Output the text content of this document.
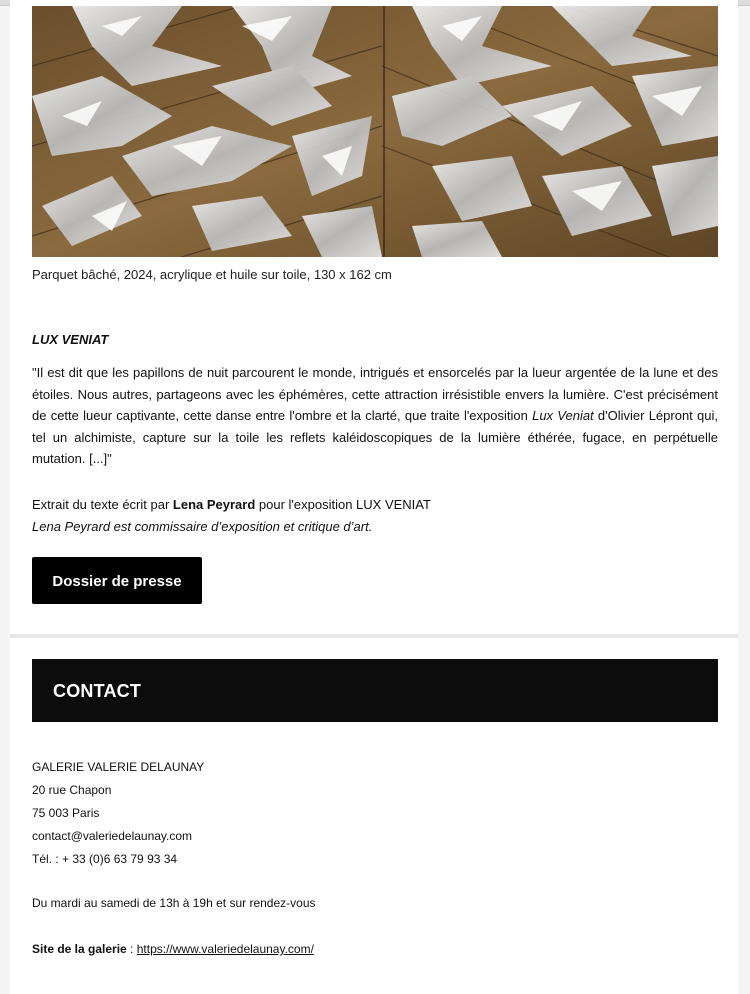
Parquet bâché, 2024, acrylique et huile sur toile, 130 x 162 cm
LUX VENIAT
"Il est dit que les papillons de nuit parcourent le monde, intrigués et ensorcelés par la lueur argentée de la lune et des étoiles. Nous autres, partageons avec les éphémères, cette attraction irrésistible envers la lumière. C'est précisément de cette lueur captivante, cette danse entre l'ombre et la clarté, que traite l'exposition Lux Veniat d'Olivier Lépront qui, tel un alchimiste, capture sur la toile les reflets kaléidoscopiques de la lumière éthérée, fugace, en perpétuelle mutation. [...]"
Extrait du texte écrit par Lena Peyrard pour l'exposition LUX VENIAT
Lena Peyrard est commissaire d’exposition et critique d’art.
Dossier de presse
CONTACT
GALERIE VALERIE DELAUNAY
20 rue Chapon
75 003 Paris
contact@valeriedelaunay.com
Tél. : + 33 (0)6 63 79 93 34
Du mardi au samedi de 13h à 19h et sur rendez-vous
Site de la galerie : https://www.valeriedelaunay.com/
